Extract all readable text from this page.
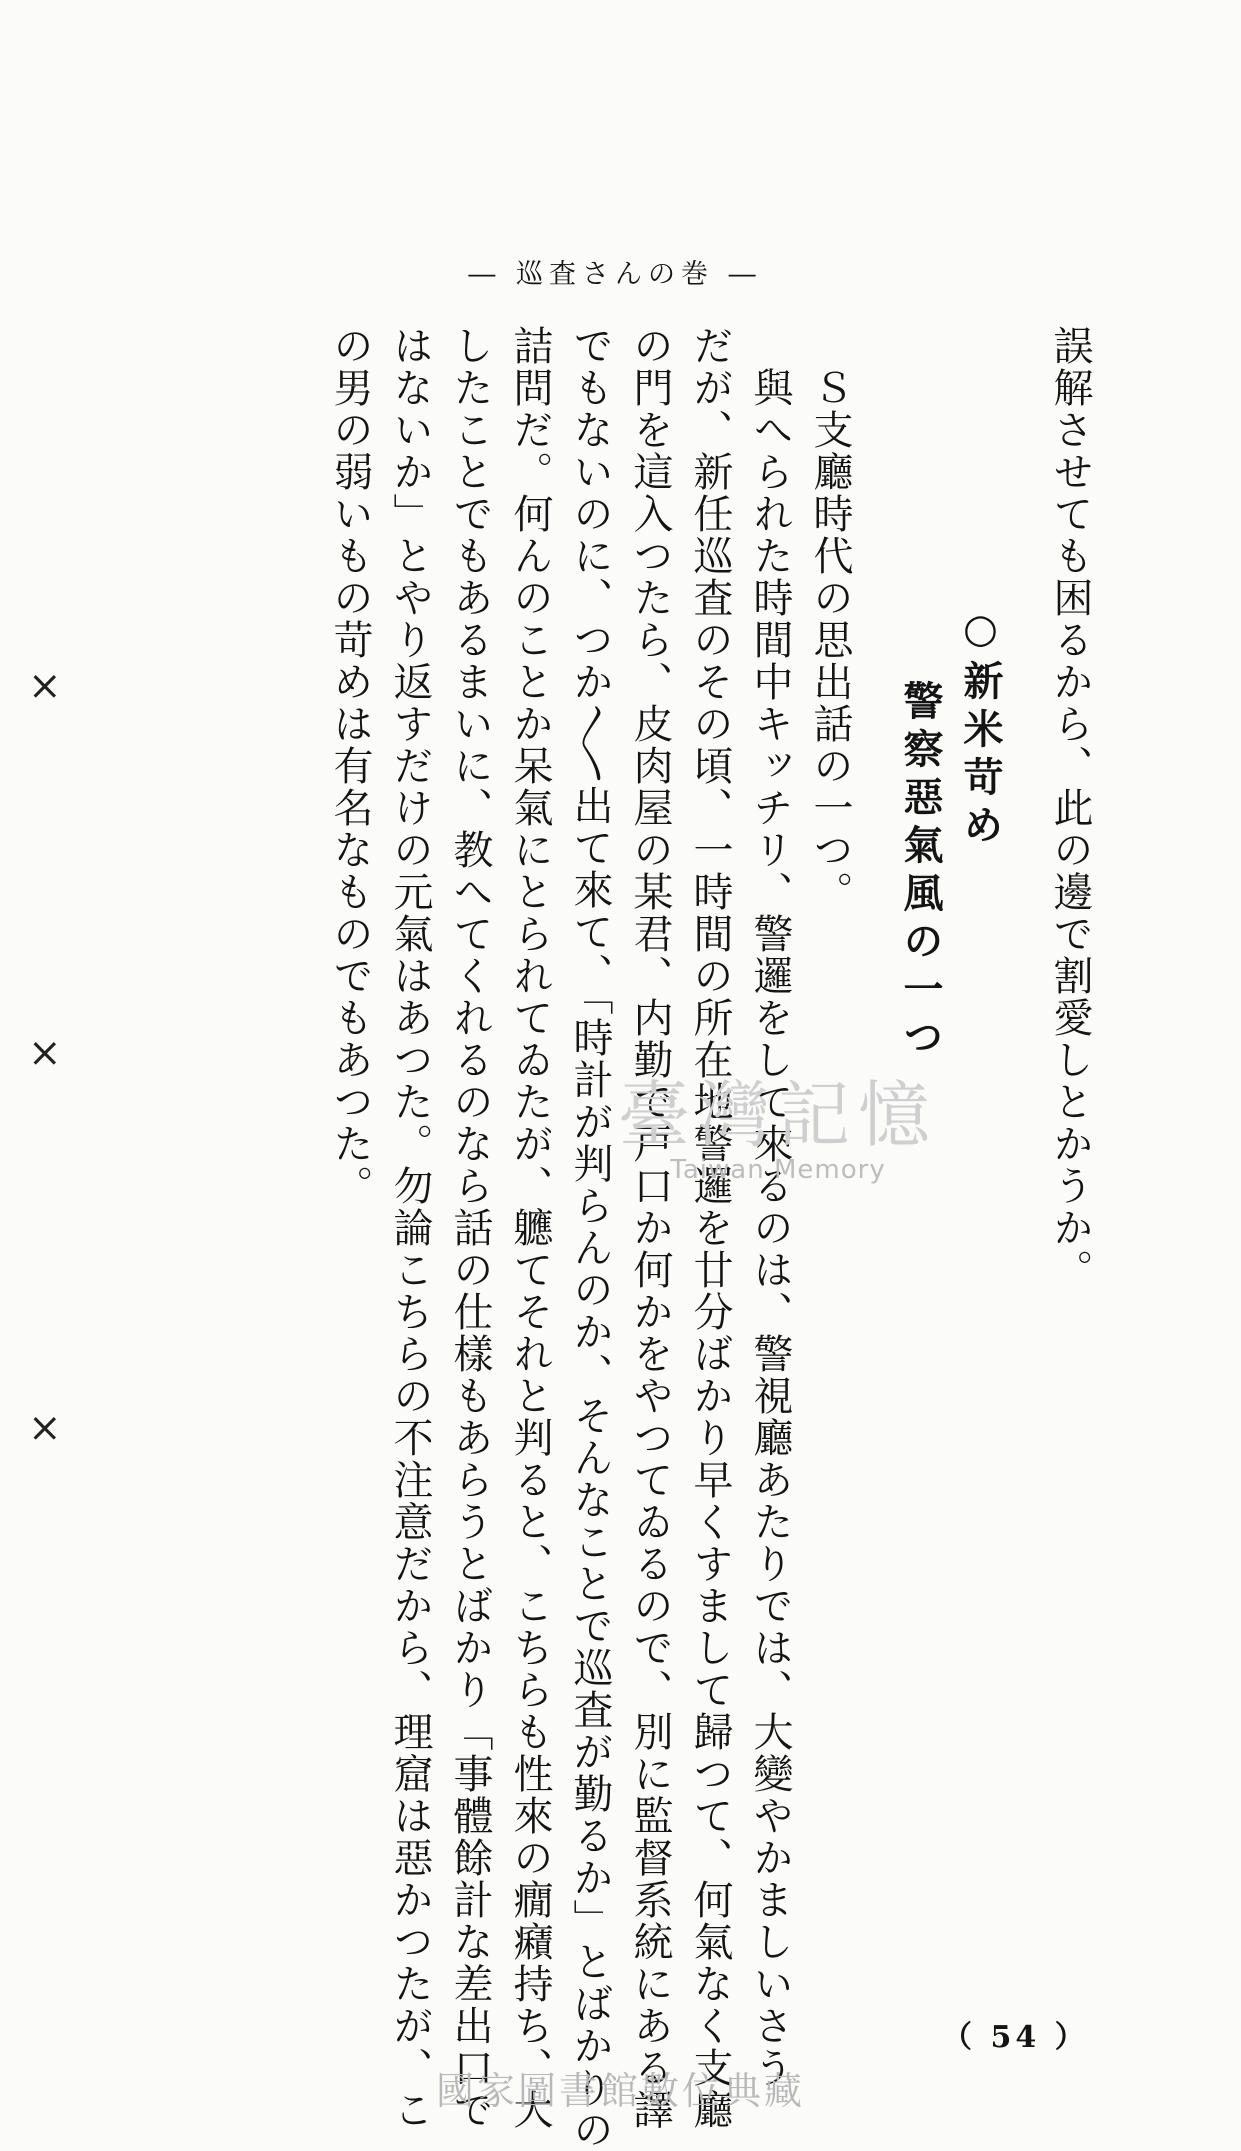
― 巡査さんの巻 ―
誤解させても困るから、此の邊で割愛しとかうか。
○新米苛め
警察惡氣風の一つ
Ｓ支廳時代の思出話の一つ。
與へられた時間中キッチリ、警邏をして來るのは、警視廳あたりでは、大變やかましいさう
だが、新任巡査のその頃、一時間の所在地警邏を廿分ばかり早くすまして歸つて、何氣なく支廳
の門を這入つたら、皮肉屋の某君、内勤で戸口か何かをやつてゐるので、別に監督系統にある譯
でもないのに、つか〳〵出て來て、「時計が判らんのか、そんなことで巡査が勤るか」とばかりの
詰問だ。何んのことか呆氣にとられてゐたが、軈てそれと判ると、こちらも性來の癇癪持ち、大
したことでもあるまいに、教へてくれるのなら話の仕樣もあらうとばかり「事體餘計な差出口で
はないか」とやり返すだけの元氣はあつた。勿論こちらの不注意だから、理窟は惡かつたが、こ
の男の弱いもの苛めは有名なものでもあつた。
（ 54 ）
×
×
×
臺灣記憶
Taiwan Memory
國家圖書館數位典藏
